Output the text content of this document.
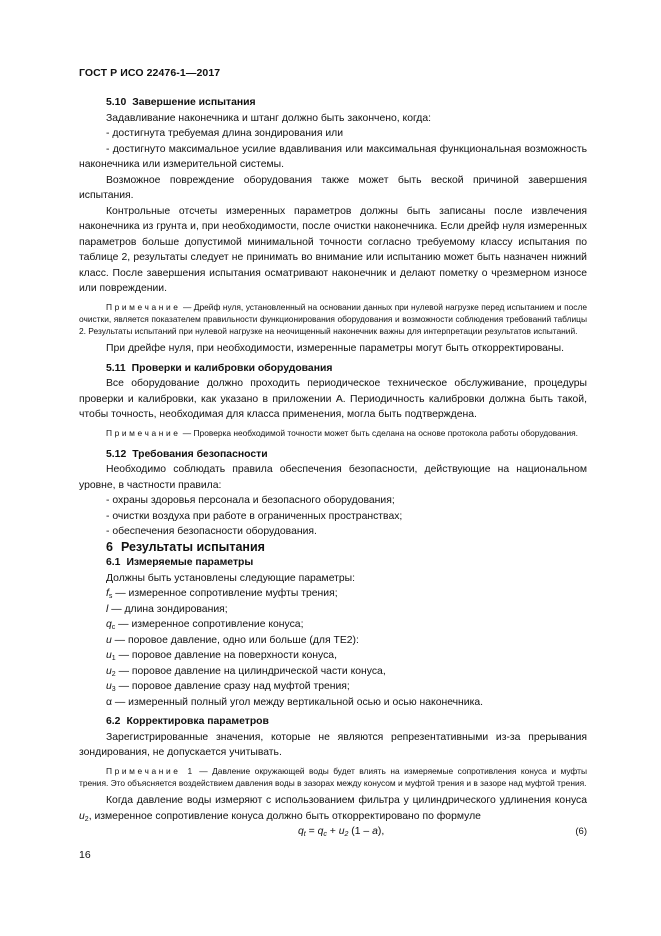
ГОСТ Р ИСО 22476-1—2017

5.10 Завершение испытания

Задавливание наконечника и штанг должно быть закончено, когда:

- достигнута требуемая длина зондирования или

- достигнуто максимальное усилие вдавливания или максимальная функциональная возможность наконечника или измерительной системы.

Возможное повреждение оборудования также может быть веской причиной завершения испытания.

Контрольные отсчеты измеренных параметров должны быть записаны после извлечения наконечника из грунта и, при необходимости, после очистки наконечника. Если дрейф нуля измеренных параметров больше допустимой минимальной точности согласно требуемому классу испытания по таблице 2, результаты следует не принимать во внимание или испытанию может быть назначен нижний класс. После завершения испытания осматривают наконечник и делают пометку о чрезмерном износе или повреждении.

Примечание — Дрейф нуля, установленный на основании данных при нулевой нагрузке перед испытанием и после очистки, является показателем правильности функционирования оборудования и возможности соблюдения требований таблицы 2. Результаты испытаний при нулевой нагрузке на неочищенный наконечник важны для интерпретации результатов испытаний.

При дрейфе нуля, при необходимости, измеренные параметры могут быть откорректированы.

5.11 Проверки и калибровки оборудования

Все оборудование должно проходить периодическое техническое обслуживание, процедуры проверки и калибровки, как указано в приложении А. Периодичность калибровки должна быть такой, чтобы точность, необходимая для класса применения, могла быть подтверждена.

Примечание — Проверка необходимой точности может быть сделана на основе протокола работы оборудования.

5.12 Требования безопасности

Необходимо соблюдать правила обеспечения безопасности, действующие на национальном уровне, в частности правила:

- охраны здоровья персонала и безопасного оборудования;

- очистки воздуха при работе в ограниченных пространствах;

- обеспечения безопасности оборудования.

6 Результаты испытания

6.1 Измеряемые параметры

Должны быть установлены следующие параметры:

$f_s$ — измеренное сопротивление муфты трения;

l — длина зондирования;

$q_c$ — измеренное сопротивление конуса;

u — поровое давление, одно или больше (для ТЕ2):

$u_1$ — поровое давление на поверхности конуса,

$u_2$ — поровое давление на цилиндрической части конуса,

$u_3$ — поровое давление сразу над муфтой трения;

α — измеренный полный угол между вертикальной осью и осью наконечника.

6.2 Корректировка параметров

Зарегистрированные значения, которые не являются репрезентативными из-за прерывания зондирования, не допускается учитывать.

Примечание 1 — Давление окружающей воды будет влиять на измеряемые сопротивления конуса и муфты трения. Это объясняется воздействием давления воды в зазорах между конусом и муфтой трения и в зазоре над муфтой трения.

Когда давление воды измеряют с использованием фильтра у цилиндрического удлинения конуса $u_2$, измеренное сопротивление конуса должно быть откорректировано по формуле

$q_t = q_c + u_2$ (1 – a),	(6)
16
